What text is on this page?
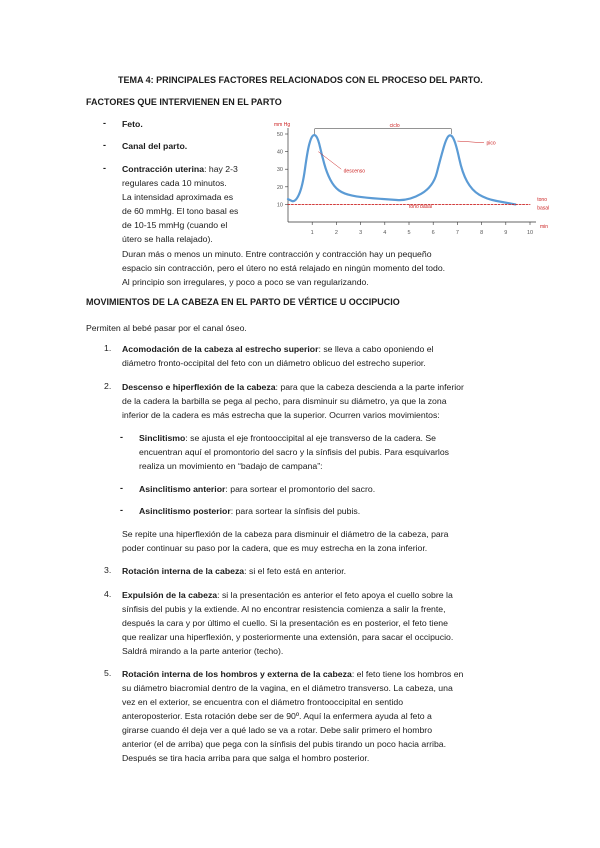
TEMA 4: PRINCIPALES FACTORES RELACIONADOS CON EL PROCESO DEL PARTO.
FACTORES QUE INTERVIENEN EN EL PARTO
- Feto.
- Canal del parto.
- Contracción uterina: hay 2-3
regulares cada 10 minutos.
La intensidad aproximada es
de 60 mmHg. El tono basal es
de 10-15 mmHg (cuando el
útero se halla relajado).
Duran más o menos un minuto. Entre contracción y contracción hay un pequeño
espacio sin contracción, pero el útero no está relajado en ningún momento del todo.
Al principio son irregulares, y poco a poco se van regularizando.
10
20
30
40
50
1	2	3	4	5	6	7	8	9	10
mm Hg
min
ciclo
pico
descenso
tono basal
tono
basal
MOVIMIENTOS DE LA CABEZA EN EL PARTO DE VÉRTICE U OCCIPUCIO
Permiten al bebé pasar por el canal óseo.
1. Acomodación de la cabeza al estrecho superior: se lleva a cabo oponiendo el
diámetro fronto-occipital del feto con un diámetro oblicuo del estrecho superior.
2. Descenso e hiperflexión de la cabeza: para que la cabeza descienda a la parte inferior
de la cadera la barbilla se pega al pecho, para disminuir su diámetro, ya que la zona
inferior de la cadera es más estrecha que la superior. Ocurren varios movimientos:
- Sinclitismo: se ajusta el eje frontooccipital al eje transverso de la cadera. Se
encuentran aquí el promontorio del sacro y la sínfisis del pubis. Para esquivarlos
realiza un movimiento en “badajo de campana”:
- Asinclitismo anterior: para sortear el promontorio del sacro.
- Asinclitismo posterior: para sortear la sínfisis del pubis.
Se repite una hiperflexión de la cabeza para disminuir el diámetro de la cabeza, para
poder continuar su paso por la cadera, que es muy estrecha en la zona inferior.
3. Rotación interna de la cabeza: si el feto está en anterior.
4. Expulsión de la cabeza: si la presentación es anterior el feto apoya el cuello sobre la
sínfisis del pubis y la extiende. Al no encontrar resistencia comienza a salir la frente,
después la cara y por último el cuello. Si la presentación es en posterior, el feto tiene
que realizar una hiperflexión, y posteriormente una extensión, para sacar el occipucio.
Saldrá mirando a la parte anterior (techo).
5. Rotación interna de los hombros y externa de la cabeza: el feto tiene los hombros en
su diámetro biacromial dentro de la vagina, en el diámetro transverso. La cabeza, una
vez en el exterior, se encuentra con el diámetro frontooccipital en sentido
anteroposterior. Esta rotación debe ser de 90º. Aquí la enfermera ayuda al feto a
girarse cuando él deja ver a qué lado se va a rotar. Debe salir primero el hombro
anterior (el de arriba) que pega con la sínfisis del pubis tirando un poco hacia arriba.
Después se tira hacia arriba para que salga el hombro posterior.
